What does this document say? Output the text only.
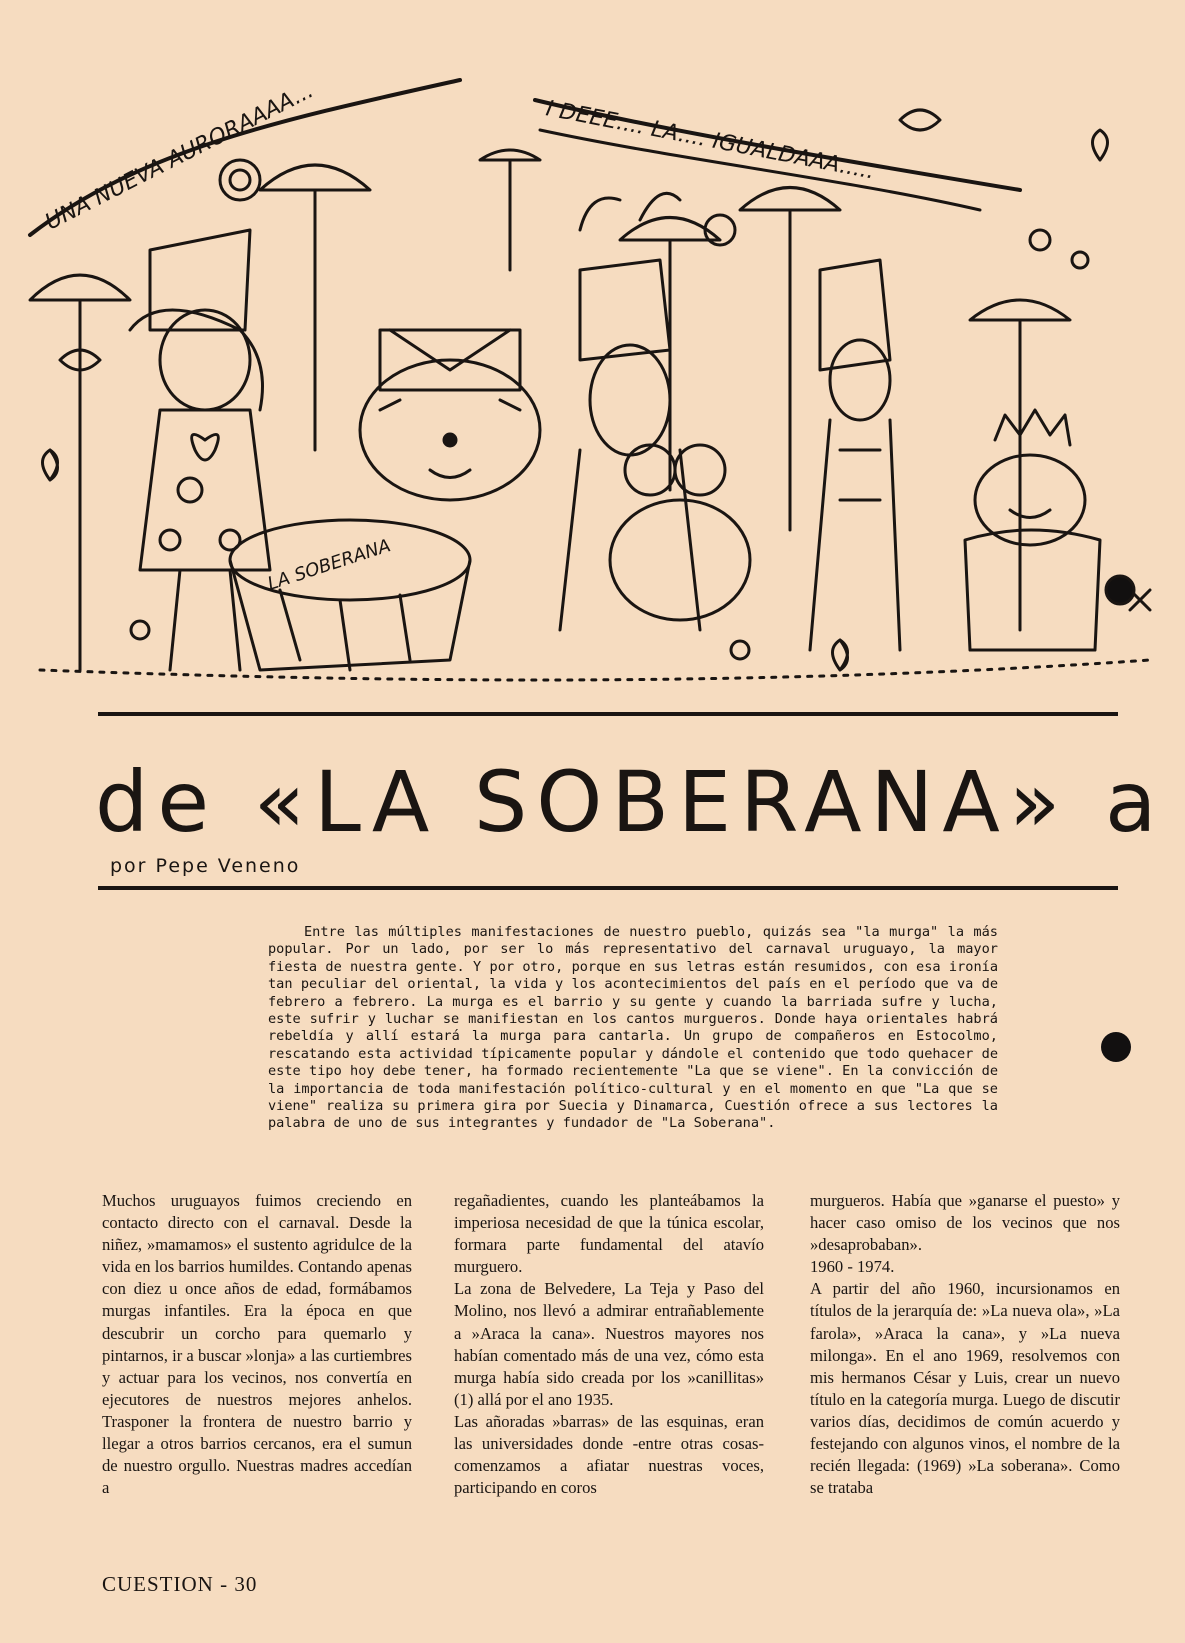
UNA NUEVA AURORAAAA...	I DEEE.... LA.... IGUALDAAA.....
LA SOBERANA
de «LA SOBERANA» a
por Pepe Veneno
Entre las múltiples manifestaciones de nuestro pueblo, quizás sea "la murga" la más popular. Por un lado, por ser lo más representativo del carnaval uruguayo, la mayor fiesta de nuestra gente. Y por otro, porque en sus letras están resumidos, con esa ironía tan peculiar del oriental, la vida y los acontecimientos del país en el período que va de febrero a febrero. La murga es el barrio y su gente y cuando la barriada sufre y lucha, este sufrir y luchar se manifiestan en los cantos murgueros. Donde haya orientales habrá rebeldía y allí estará la murga para cantarla. Un grupo de compañeros en Estocolmo, rescatando esta actividad típicamente popular y dándole el contenido que todo quehacer de este tipo hoy debe tener, ha formado recientemente "La que se viene". En la convicción de la importancia de toda manifestación político-cultural y en el momento en que "La que se viene" realiza su primera gira por Suecia y Dinamarca, Cuestión ofrece a sus lectores la palabra de uno de sus integrantes y fundador de "La Soberana".

Muchos uruguayos fuimos creciendo en contacto directo con el carnaval. Desde la niñez, »mamamos» el sustento agridulce de la vida en los barrios humildes. Contando apenas con diez u once años de edad, formábamos murgas infantiles. Era la época en que descubrir un corcho para quemarlo y pintarnos, ir a buscar »lonja» a las curtiembres y actuar para los vecinos, nos convertía en ejecutores de nuestros mejores anhelos. Trasponer la frontera de nuestro barrio y llegar a otros barrios cercanos, era el sumun de nuestro orgullo. Nuestras madres accedían a

regañadientes, cuando les planteábamos la imperiosa necesidad de que la túnica escolar, formara parte fundamental del atavío murguero.

La zona de Belvedere, La Teja y Paso del Molino, nos llevó a admirar entrañablemente a »Araca la cana». Nuestros mayores nos habían comentado más de una vez, cómo esta murga había sido creada por los »canillitas» (1) allá por el ano 1935.

Las añoradas »barras» de las esquinas, eran las universidades donde -entre otras cosas- comenzamos a afiatar nuestras voces, participando en coros

murgueros. Había que »ganarse el puesto» y hacer caso omiso de los vecinos que nos »desaprobaban».

1960 - 1974.

A partir del año 1960, incursionamos en títulos de la jerarquía de: »La nueva ola», »La farola», »Araca la cana», y »La nueva milonga». En el ano 1969, resolvemos con mis hermanos César y Luis, crear un nuevo título en la categoría murga. Luego de discutir varios días, decidimos de común acuerdo y festejando con algunos vinos, el nombre de la recién llegada: (1969) »La soberana». Como se trataba

CUESTION - 30
